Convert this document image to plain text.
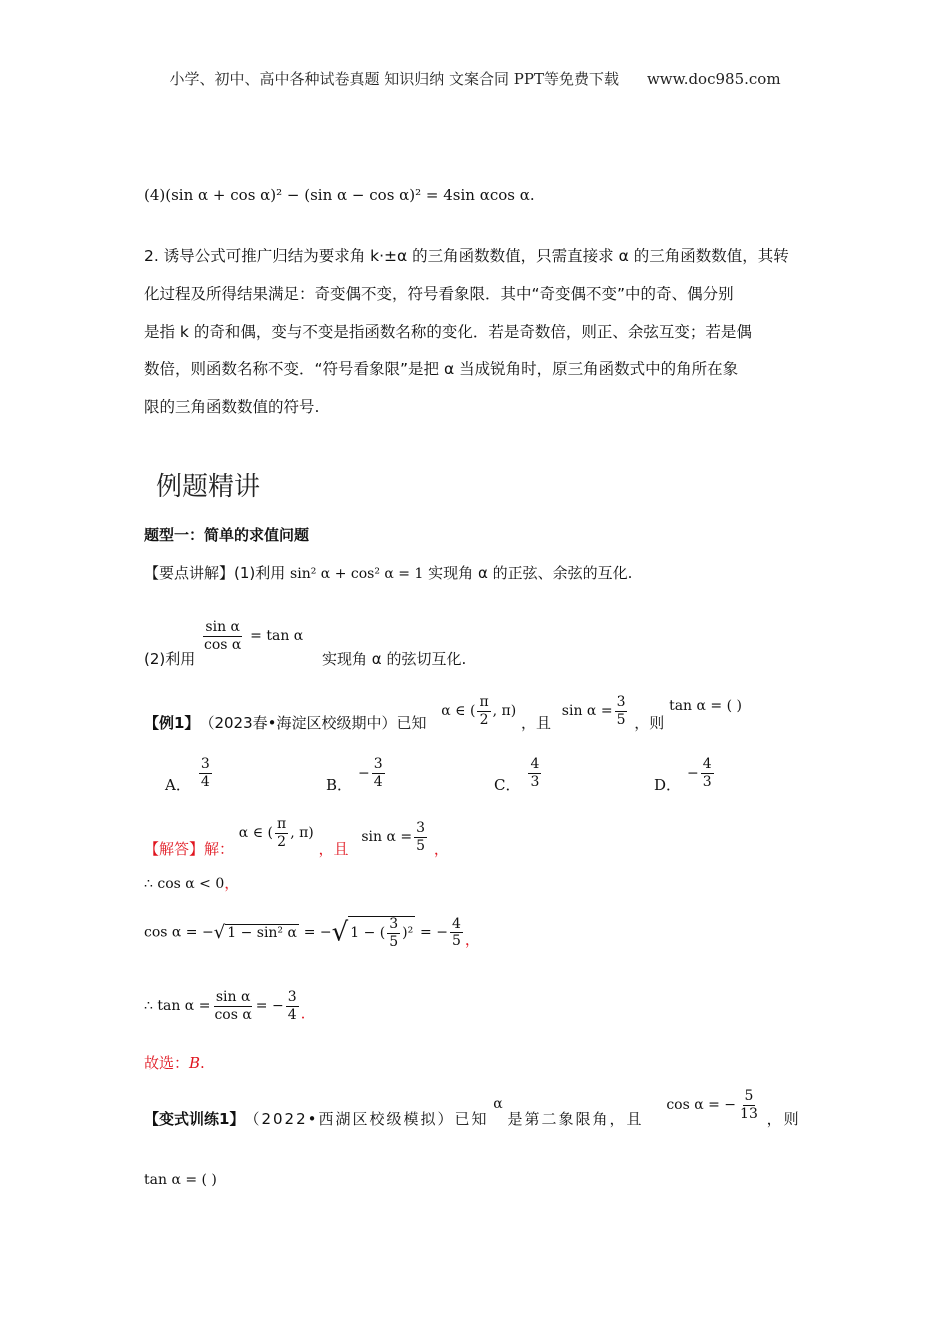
小学、初中、高中各种试卷真题 知识归纳 文案合同 PPT等免费下载 www.doc985.com
(4)(sin α + cos α)² − (sin α − cos α)² = 4sin αcos α.
2. 诱导公式可推广归结为要求角 k·±α 的三角函数数值，只需直接求 α 的三角函数数值，其转
化过程及所得结果满足：奇变偶不变，符号看象限．其中“奇变偶不变”中的奇、偶分别
是指 k 的奇和偶，变与不变是指函数名称的变化．若是奇数倍，则正、余弦互变；若是偶
数倍，则函数名称不变．“符号看象限”是把 α 当成锐角时，原三角函数式中的角所在象
限的三角函数数值的符号.
例题精讲
题型一：简单的求值问题
【要点讲解】(1)利用 sin² α + cos² α = 1 实现角 α 的正弦、余弦的互化.
(2)利用
$\frac{\text{sin α}}{\text{cos α}} = \tan \alpha$ 实现角 α 的弦切互化.
【例1】（2023春•海淀区校级期中）已知 α ∈ ( $\frac{\pi}{2}$ , π) ，且 $\sin \alpha = \frac{3}{5}$ ，则 tan α = ( )
A． $\frac{3}{4}$	B．− $\frac{3}{4}$	C． $\frac{4}{3}$	D．− $\frac{4}{3}$
【解答】解： α ∈ ( $\frac{\pi}{2}$ , π) ，且 $\sin \alpha = \frac{3}{5}$ ，
∴ cos α < 0，
cos α = −√ 1 − sin² α = −√ 1 − ( $\frac{3}{5} )^2$ = − $\frac{4}{5}$ ，
∴ $\tan \alpha = \frac{\text{sin α}}{\text{cos α}}$ = − $\frac{3}{4}$ .
故选：B.
【变式训练1】（2022•西湖区校级模拟）已知 α 是第二象限角，且 cos α = − $\frac{5}{13}$ ，则
tan α = ( )
